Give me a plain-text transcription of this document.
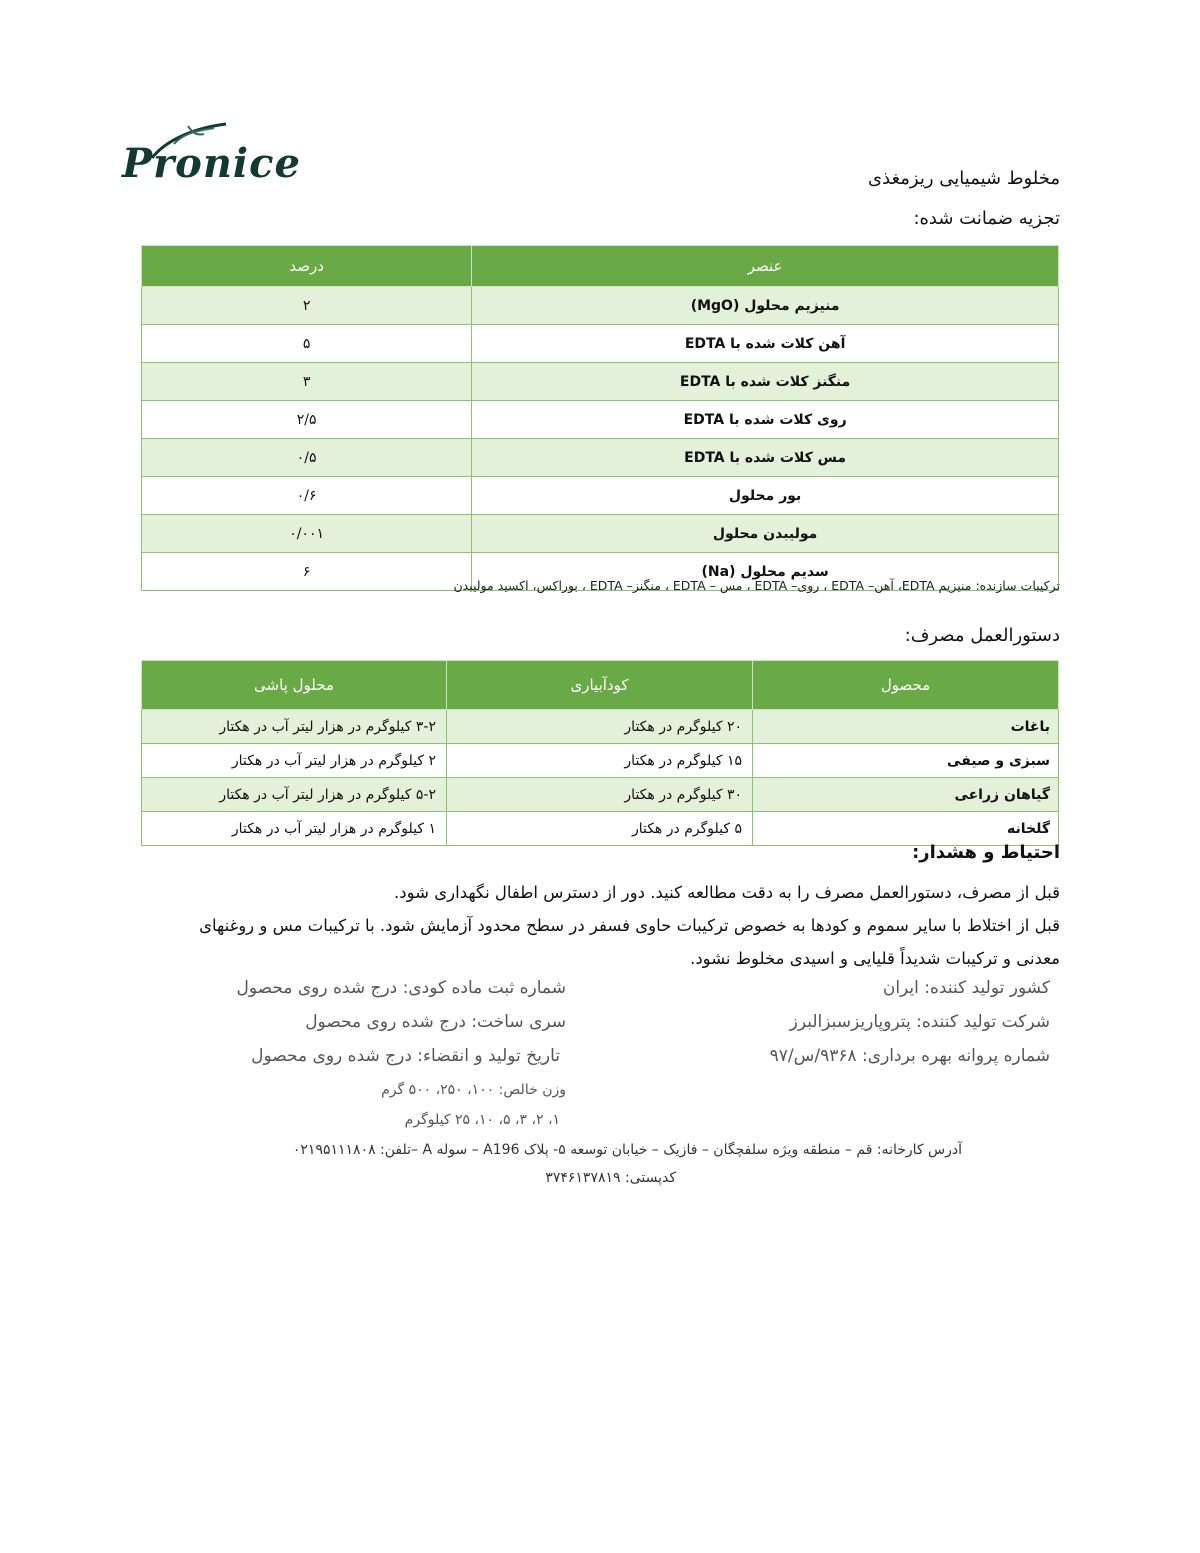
Pronice	مخلوط شیمیایی ریزمغذی
تجزیه ضمانت شده:
عنصر	درصد
منیزیم محلول (MgO)	۲
آهن کلات شده با EDTA	۵
منگنز کلات شده با EDTA	۳
روی کلات شده با EDTA	۲/۵
مس کلات شده با EDTA	۰/۵
بور محلول	۰/۶
مولیبدن محلول	۰/۰۰۱
سدیم محلول (Na)	۶
ترکیبات سازنده: منیزیم EDTA، آهن– EDTA ، روی– EDTA ، مس – EDTA ، منگنز– EDTA ، بوراکس، اکسید مولیبدن
دستورالعمل مصرف:
محصول	کودآبیاری	محلول پاشی
باغات	۲۰ کیلوگرم در هکتار	۳-۲ کیلوگرم در هزار لیتر آب در هکتار
سبزی و صیفی	۱۵ کیلوگرم در هکتار	۲ کیلوگرم در هزار لیتر آب در هکتار
گیاهان زراعی	۳۰ کیلوگرم در هکتار	۵-۲ کیلوگرم در هزار لیتر آب در هکتار
گلخانه	۵ کیلوگرم در هکتار	۱ کیلوگرم در هزار لیتر آب در هکتار
احتیاط و هشدار:
قبل از مصرف، دستورالعمل مصرف را به دقت مطالعه کنید. دور از دسترس اطفال نگهداری شود.
قبل از اختلاط با سایر سموم و کودها به خصوص ترکیبات حاوی فسفر در سطح محدود آزمایش شود. با ترکیبات مس و روغنهای معدنی و ترکیبات شدیداً قلیایی و اسیدی مخلوط نشود.
کشور تولید کننده: ایران
شرکت تولید کننده: پتروپاریزسبزالبرز
شماره پروانه بهره برداری: ۹۳۶۸/س/۹۷
شماره ثبت ماده کودی: درج شده روی محصول
سری ساخت: درج شده روی محصول
تاریخ تولید و انقضاء: درج شده روی محصول
وزن خالص: ۱۰۰، ۲۵۰، ۵۰۰ گرم
۱، ۲، ۳، ۵، ۱۰، ۲۵ کیلوگرم
آدرس کارخانه: قم – منطقه ویژه سلفچگان – فازیک – خیابان توسعه ۵- پلاک A196 – سوله A –تلفن: ۰۲۱۹۵۱۱۱۸۰۸
کدپستی: ۳۷۴۶۱۳۷۸۱۹
